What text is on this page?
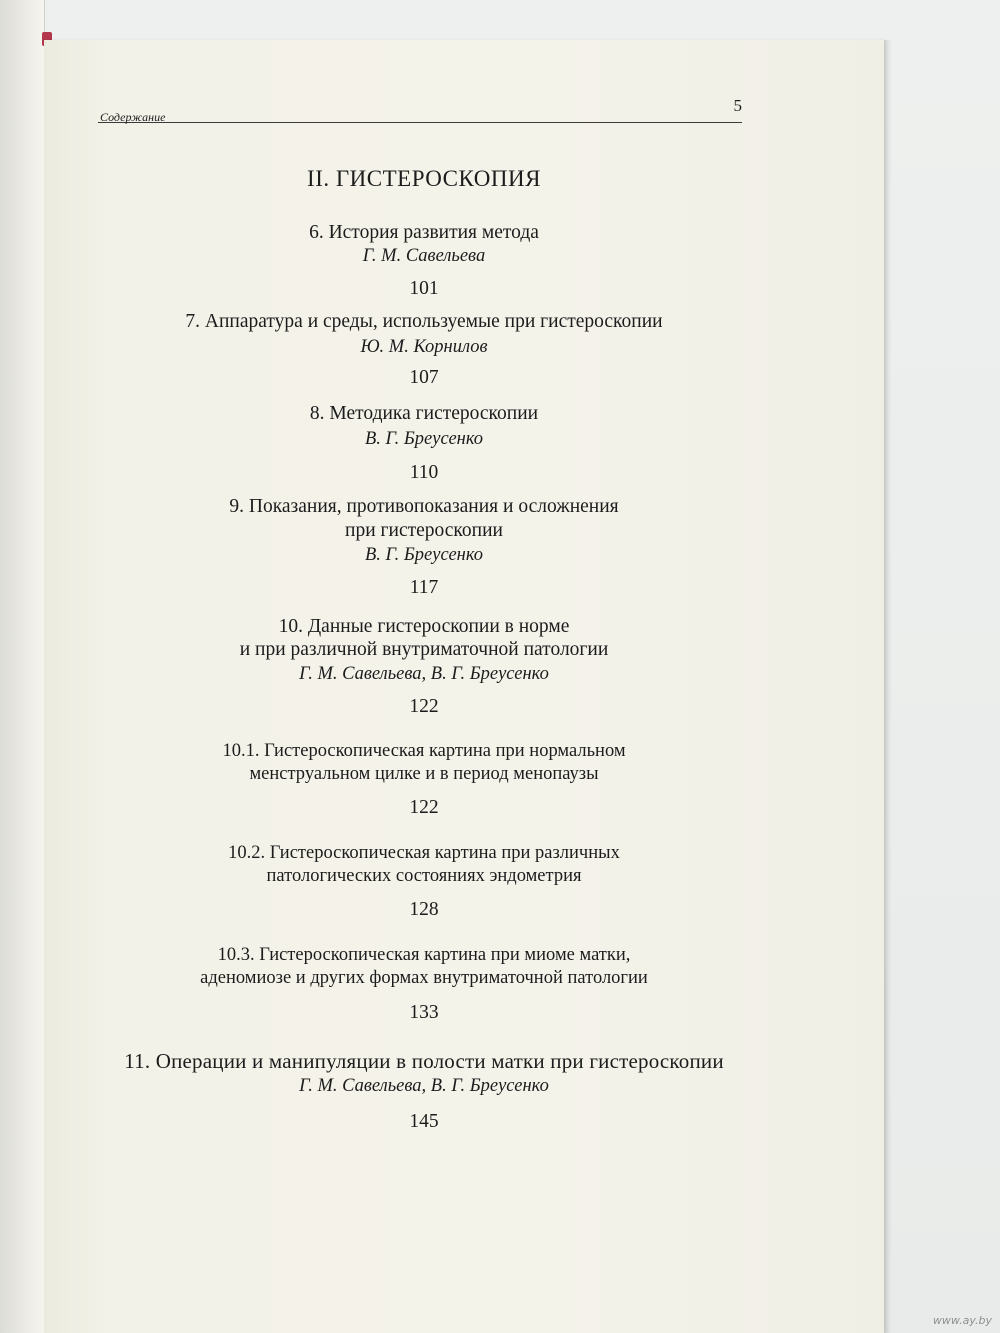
Содержание
5
II. ГИСТЕРОСКОПИЯ
6. История развития метода
Г. М. Савельева
101
7. Аппаратура и среды, используемые при гистероскопии
Ю. М. Корнилов
107
8. Методика гистероскопии
В. Г. Бреусенко
110
9. Показания, противопоказания и осложнения
при гистероскопии
В. Г. Бреусенко
117
10. Данные гистероскопии в норме
и при различной внутриматочной патологии
Г. М. Савельева, В. Г. Бреусенко
122
10.1. Гистероскопическая картина при нормальном
менструальном цилке и в период менопаузы
122
10.2. Гистероскопическая картина при различных
патологических состояниях эндометрия
128
10.3. Гистероскопическая картина при миоме матки,
аденомиозе и других формах внутриматочной патологии
133
11. Операции и манипуляции в полости матки при гистероскопии
Г. М. Савельева, В. Г. Бреусенко
145
www.ay.by
